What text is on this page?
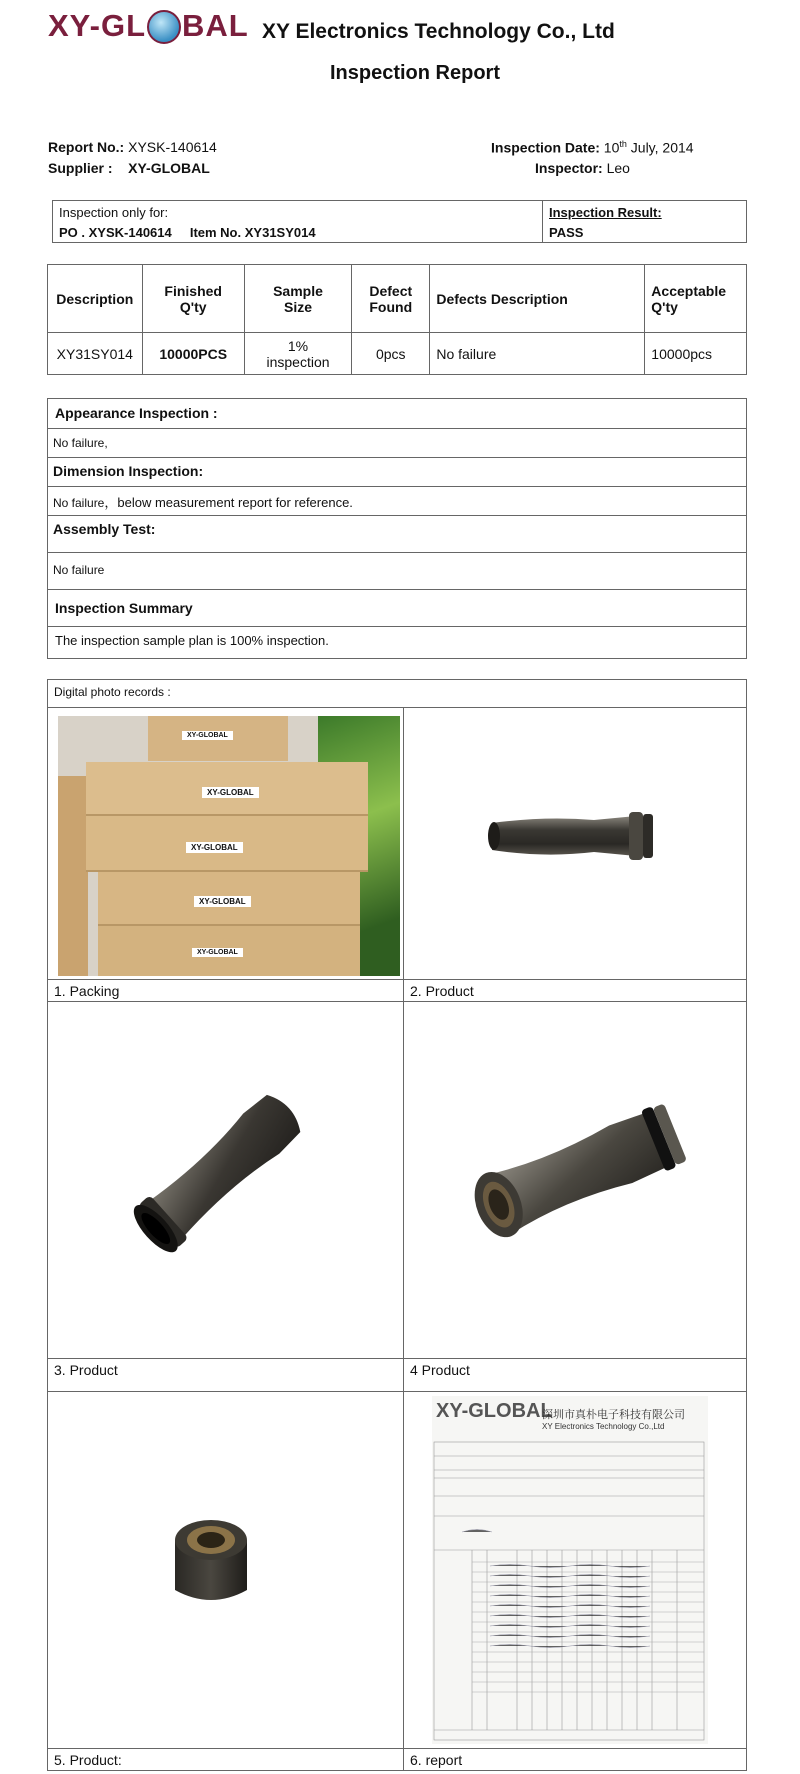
XY-GL BAL XY Electronics Technology Co., Ltd
Inspection Report
Report No.: XYSK-140614
Supplier : XY-GLOBAL
Inspection Date: 10th July, 2014
Inspector: Leo
Inspection only for:
PO . XYSK-140614 Item No. XY31SY014
Inspection Result:
PASS
Description	Finished Q'ty	Sample Size	Defect Found	Defects Description	Acceptable Q'ty
XY31SY014	10000PCS	1% inspection	0pcs	No failure	10000pcs
Appearance Inspection :
No failure,
Dimension Inspection:
No failure，below measurement report for reference.
Assembly Test:
No failure
Inspection Summary
The inspection sample plan is 100% inspection.
Digital photo records :
1. Packing	2. Product
3. Product	4 Product
5. Product:	6. report
XY-GLOBAL
XY-GLOBAL
XY-GLOBAL
XY-GLOBAL
XY-GLOBAL
XY-GLOBAL
深圳市真朴电子科技有限公司
XY Electronics Technology Co.,Ltd
